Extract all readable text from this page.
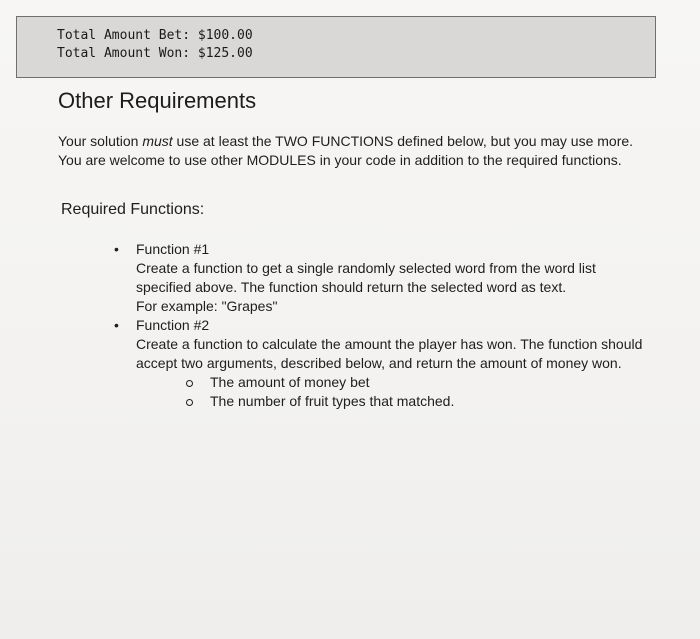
Total Amount Bet: $100.00
Total Amount Won: $125.00
Other Requirements

Your solution must use at least the TWO FUNCTIONS defined below, but you may use more. You are welcome to use other MODULES in your code in addition to the required functions.

Required Functions:
• Function #1
Create a function to get a single randomly selected word from the word list specified above. The function should return the selected word as text.
For example: "Grapes"
• Function #2
Create a function to calculate the amount the player has won. The function should accept two arguments, described below, and return the amount of money won.
The amount of money bet
The number of fruit types that matched.
